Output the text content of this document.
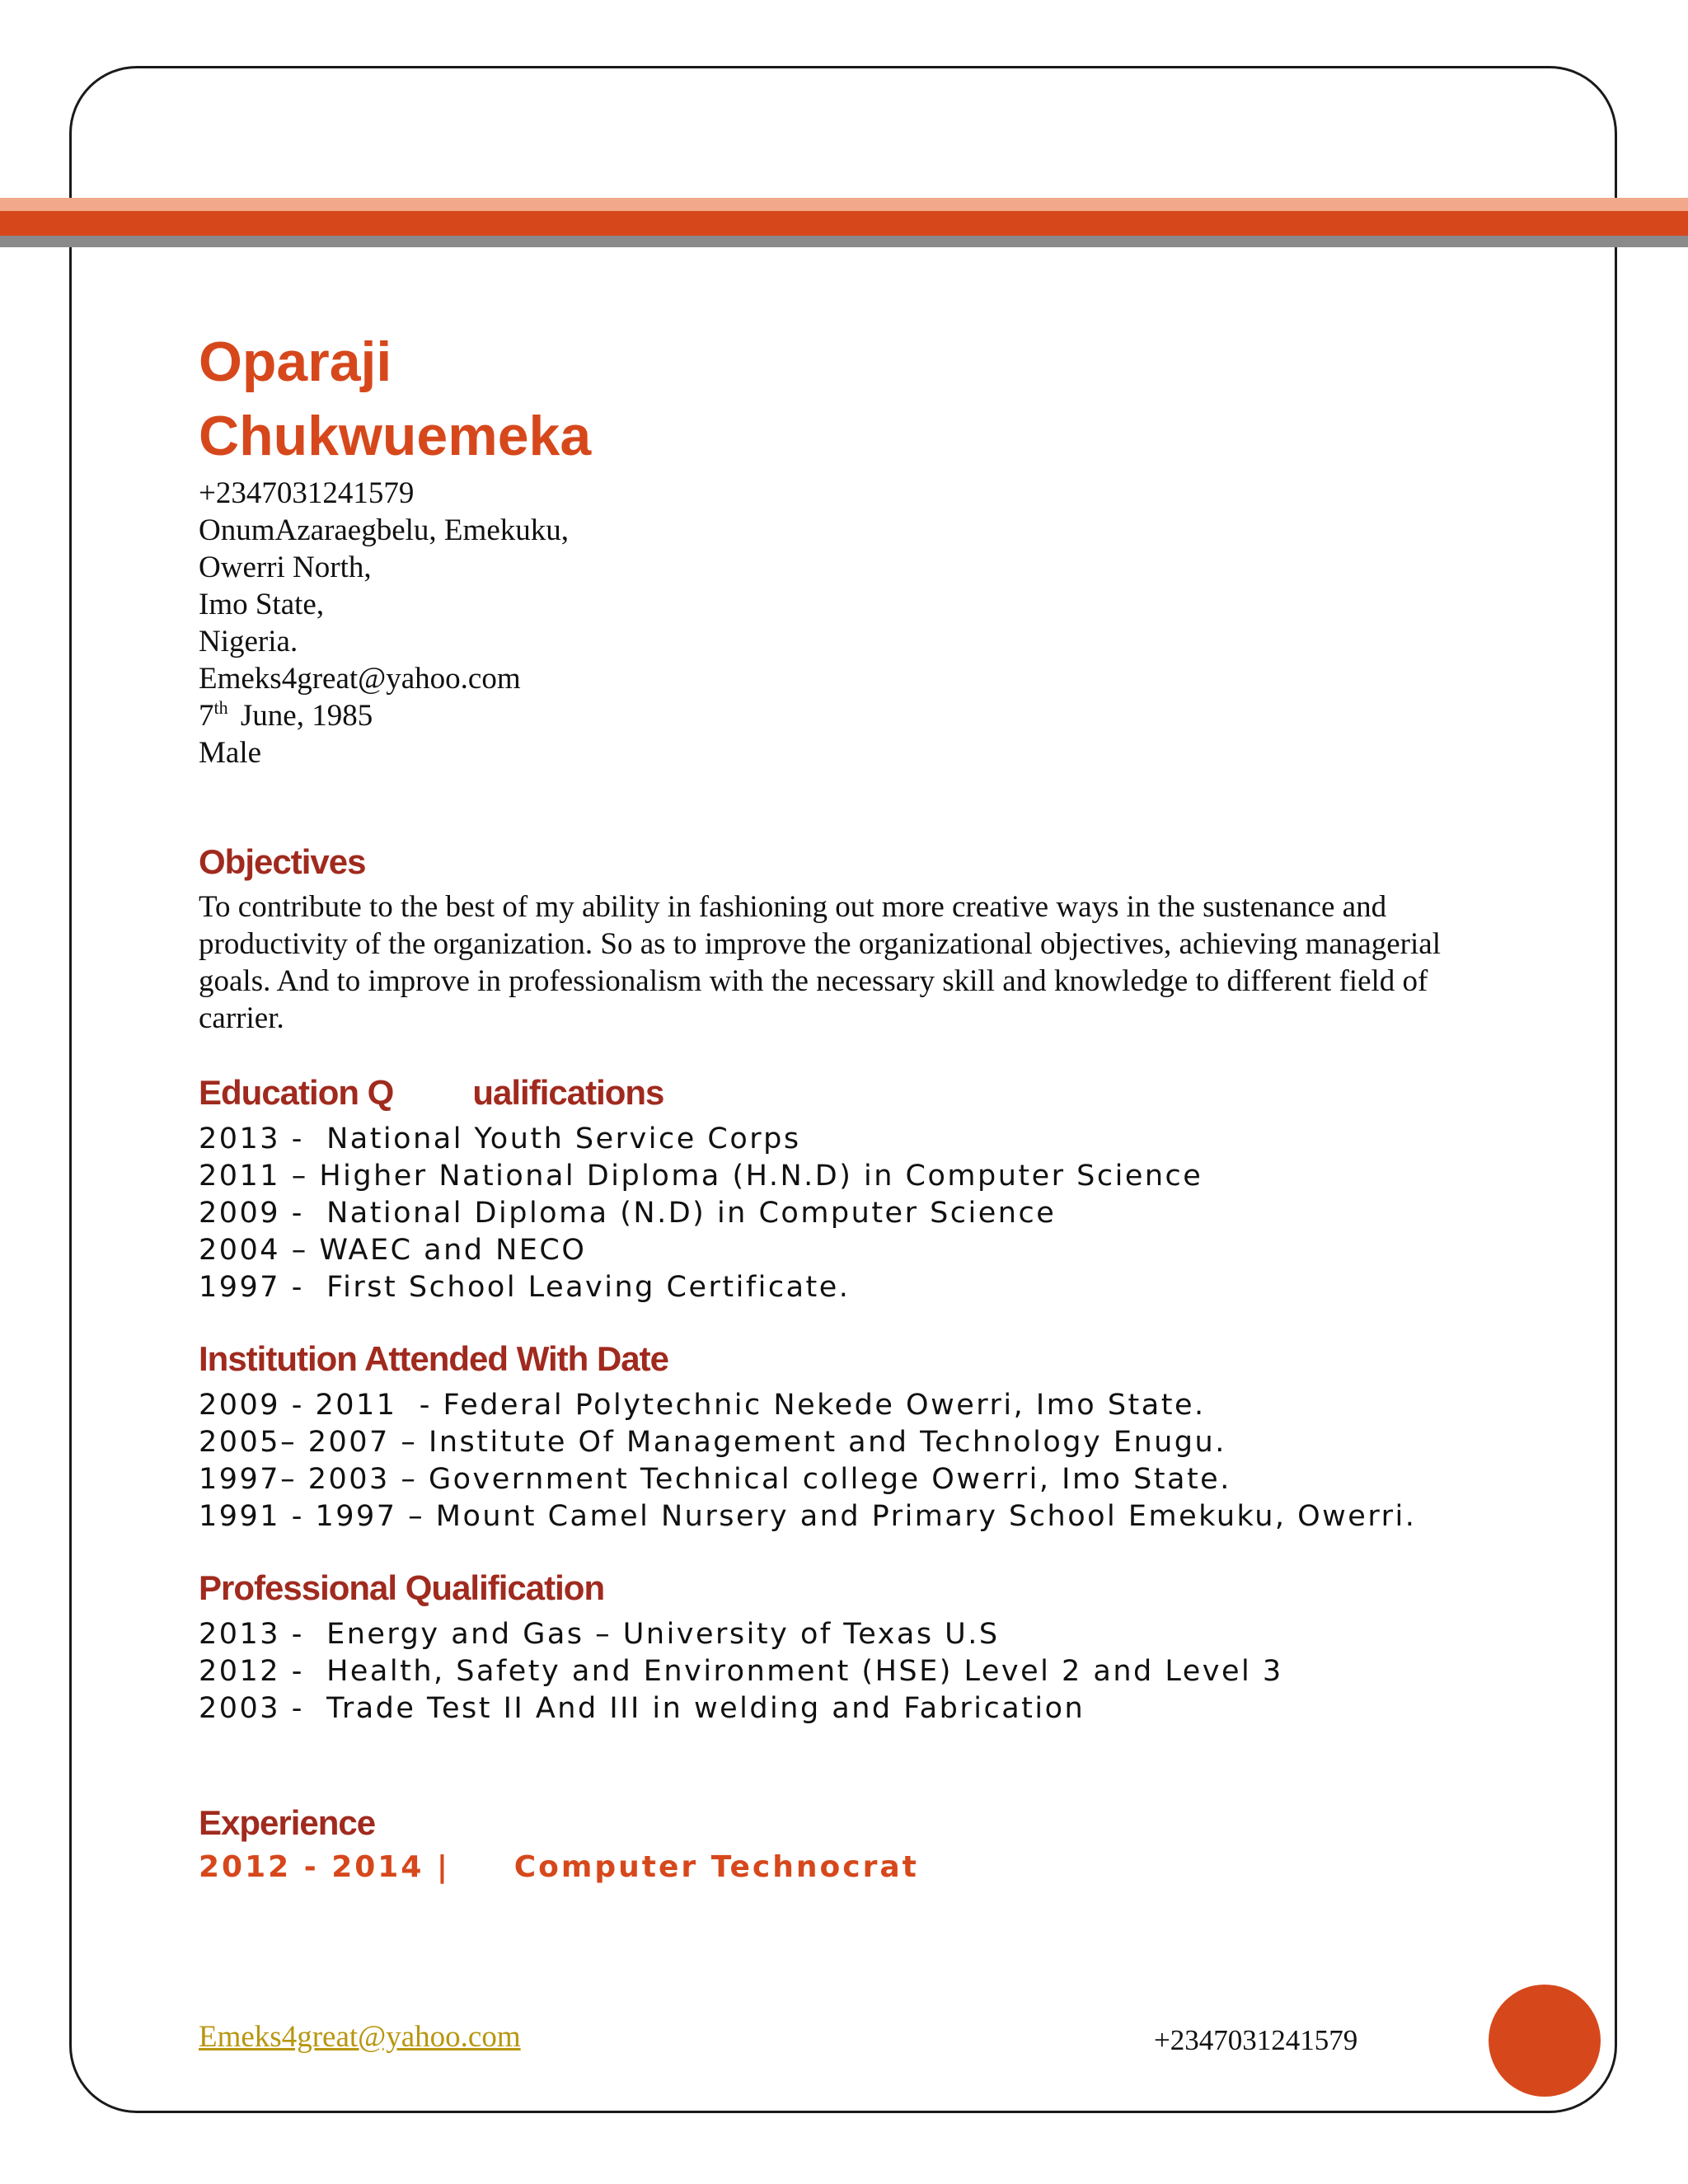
Oparaji
Chukwuemeka
+2347031241579
OnumAzaraegbelu, Emekuku,
Owerri North,
Imo State,
Nigeria.
Emeks4great@yahoo.com
7th June, 1985
Male
Objectives

To contribute to the best of my ability in fashioning out more creative ways in the sustenance and productivity of the organization. So as to improve the organizational objectives, achieving managerial goals. And to improve in professionalism with the necessary skill and knowledge to different field of carrier.

Education Q         ualifications
2013 -  National Youth Service Corps
2011 – Higher National Diploma (H.N.D) in Computer Science
2009 -  National Diploma (N.D) in Computer Science
2004 – WAEC and NECO
1997 -  First School Leaving Certificate.
Institution Attended With Date
2009 - 2011  - Federal Polytechnic Nekede Owerri, Imo State.
2005– 2007 – Institute Of Management and Technology Enugu.
1997– 2003 – Government Technical college Owerri, Imo State.
1991 - 1997 – Mount Camel Nursery and Primary School Emekuku, Owerri.
Professional Qualification
2013 -  Energy and Gas – University of Texas U.S
2012 -  Health, Safety and Environment (HSE) Level 2 and Level 3
2003 -  Trade Test II And III in welding and Fabrication
Experience
2012 - 2014 |     Computer Technocrat
Emeks4great@yahoo.com	+2347031241579
